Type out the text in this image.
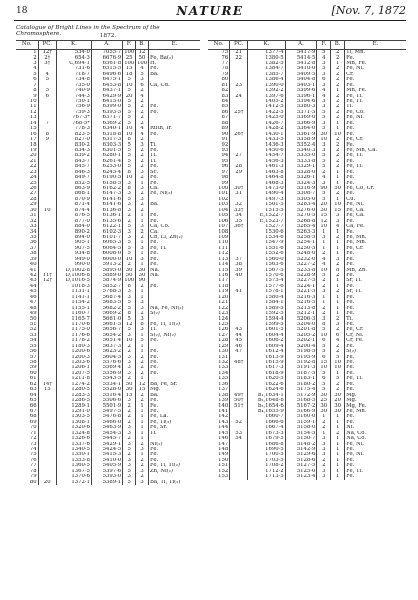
18	NATURE	[Nov. 7, 1872
Catalogue of Bright Lines in the Spectrum of the Chromosphere.	1872.
No.	PC.	K.	A.	F.	B.	E.
1	12†	534·0	7055·7	100	12	
2	2†	654·3	6676·9	25	50	Fe, Ba(₂)
3	3†	C,694·1	6561·8	100	100	H.
4		731·6	6515·5	15	4	Fe.
5	4	718·7	6496·6	18	5	Ba.
6	5	734·8	6475·1	5	3	
7		735·0	6453·8	10	6	Ca, Cd.
8	5	740·9	6437·1	5	2	
9	6	744·3	6429·9	20	4	
10		750·1	6415·0	5	2	
11		756·9	6399·0	5	2	Fe.
12		759·3	6393·5	5	2	Fe.
13		767·3*	6371·7	5	2	
14	7	768·5*	6369·2	5	2	
15		778·3	6340·1	10	4	Ruth, Ir.
16	8	823·5	6318·8	10	4	Fe.
17	9	827·0	6317·3	8	2	
18		830·2	6303·3	5	3	Ti.
19		834·3	6301·5	5	2	Fe.
20		839·2	6280·1	5	2	Ti.
21		843·7	6261·4	5	2	Ti.
22		845·7	6253·0	5	2	Fe.
23		846·3	6245·4	8	3	Sc.
24		849·7	6190·5	10	2	Fe.
25		852·5	6158·5	3	1	Fe.
26		863·9	6162·2	8	3	Ca.
27		868·1	6147·3	3	2	Fe, Ni(₂)
28		870·9	6141·6	5	3	
29		871·4	6141·6	3	2	Ba.
30	10	874·4	6136·8	3	2	
31		876·5	6136·1	2	1	Fe.
32		877·0	6135·6	2	1	Fe.
33		884·0	6122·1	5	3	Ca, Co.
34		890·2	6102·3	3	2	Ca.
35		894·0	6101·7	3	2	Cb, Li, Zn(₂)
36		905·1	6065·3	5	1	Fe.
37		907·5	6064·5	5	3	Fe, Ti.
38		934·8	6008·0	5	1	Fe.
39		949·0	6000·0	10	3	Fe.
40		990·0	5913·2	2	1	Fe.
41		D,1002·8	5895·0	30	30	Na.
42	11†	D,1006·8	5889·0	50	30	Na.
43	12†	D,1016·5	5874·9	100	90	
44		1018·3	5852·7	8	2	Fe.
45		1131·1	5768·3	3	1	
46		1141·1	5687·4	3	1	
47		1154·2	5683·5	5	3	
48		1155·1	5682·2	5	3	Na, Fe, Ni(₂)
49		1160·7	5669·2	8	2	S(₂)
50		1165·7	5661·0	5	3	
51		1170·6	5661·5	12	8	Fe, Ti, Ti(₂)
52		1175·0	5656·7	5	3	Ti.
53		1176·6	5654·2	3	1	S(₂), Ni(₂)
54		1178·2	5651·4	10	5	Fe.
55		1180·3	5637·3	2	1	
56		1200·6	5623·2	2	1	Fe.
57		1200·3	5604·5	3	2	Fe.
58		1203·6	5576·6	3	2	Fe.
59		1206·1	5569·4	3	2	Fe.
60		1207·5	5556·9	3	2	Fe.
61		1211·8	5543·5	2	1	
62	14†	1274·2	5534·1	50	12	Ba, Fe, Sr.
63	15	1280·5	5528·0	30	15	Mg.
64		1283·3	5516·4	15	2	Ba.
65		1286·5	5506·6	3	2	Fe.
66		1289·1	5501·9	2	1	Fe.
67		1291·0	5497·5	2	1	Fe.
68		1303·5	5476·8	2	1	Fe, La.
69		1308·1	5466·0	2	1	Fe, Ti(₂)
70		1320·6	5463·9	3	1	Fe, Sr.
71		1324·8	5454·3	3	1	Ti.
72		1326·6	5445·7	2	1	
73		1337·6	5429·1	3	2	Ni(₂)
74		1340·5	5424·5	5	3	Fe.
75		1350·1	5415·3	2	1	Fe.
76		1353·8	5410·0	3	2	Fe.
77		1360·5	5405·9	3	2	Fe, Ti, Ti(₂)
78		1367·5	5397·6	5	3	Zn, Ni(₂)
79		1370·6	5393·0	3	2	
80	20	1372·1	5389·1	5	3	Ba, Ti, Ti(₂)
No.	PC.	K.	A.	F.	B.	E.
75	21	1377·4	5417·9	5	2	Ti, Mn.
76	22	1380·5	5414·5	4	2	Fe.
77		1382·5	5412·8	3	1	Mn, Fe.
78		1384·7	5410·0	5	2	Fe, Ni.
79		1385·7	5409·5	3	2	Cr.
80		1386·4	5404·8	6	2	Fe.
81	23	1390·0	5403·1	3	2	Fe.
82		1392·2	5399·6	4	1	Mn, Fe.
83	24	1397·6	5396·1	4	2	Fe, Ti.
84		1405·2	5394·6	3	2	Fe, Ti.
85		1412·5	5380·3	3	2	Ti.
86	25†	1422·5	5371·5	5	2	Fe, Co.
87		1425·0	5369·0	5	2	Fe, Ni.
88		1426·7	5366·9	3	1	Fe.
89		1428·2	5364·0	5	1	Fe.
90	26†	1430·1	5361·9	30	10	Fe.
91		1433·5	5358·9	10	2	Fe, Cr.
92		1436·3	5352·4	3	2	Fe.
93		1450·6	5340·3	3	2	Fe, Mn, Ca.
94	27	1454·7	5335·0	5	2	Fe, Ti.
95		1456·3	5333·8	5	2	Fe.
96	28	1461·3	5329·1	5	2	Fe, Ti.
97	29	1463·8	5328·0	2	1	Fe.
98		1464·8	5326·1	4	1	Fe.
99		1468·3	5324·3	3	1	Fe.
100	30†	1473·0	5316·9	90	50	Fe, Co, Cr.
101	31	1490·4	5308·7	5	2	Fe.
102		1497·3	5305·0	5	1	Cu.
103	32	1501·5	5283·4	20	10	Fe, Ni.
104	33†	1515·5	5276·0	30	15	Fe, Ca.
105	34	E,1522·7	5270·5	15	3	Fe, Ca.
106	35	E,1523·7	5268·8	12	3	Fe.
107	36†	1527·7	5265·4	10	4	Ca, Fe.
108		1530·6	5263·3	1	1	Fe.
109		1534·6	5258·5	3	2	Fe, Mn.
110		1547·9	5254·1	1	1	Fe, Mn.
111		1551·6	5250·5	1	1	Fe, Cr.
112		1552·6	5248·0	2	1	Fe.
113	37	1560·0	5232·0	4	3	Fe.
114	38	1563·6	5227·2	4	2	Fe.
115	39	1567·5	5233·8	10	8	Mn, Zn.
116	40	1570·6	5228·9	5	2	Fe.
117		1575·4	5227·5	2	1	Sr, Ti.
118		1577·6	5224·1	2	1	Fe.
119	41	1578·1	5221·5	3	2	Sr, Ti.
120		1580·4	5216·3	1	1	Fe.
121		1584·1	5216·5	1	1	Fe.
122		1589·5	5213·8	2	1	Fe.
123		1592·5	5212·1	2	1	Fe.
124		1594·4	5206·3	3	2	Ti.
125		1599·5	5204·0	8	3	Fe.
126	43	1601·5	5201·8	5	2	Fe, Cr.
127	44	1604·4	5205·2	10	6	Cr, Ni.
128	45	1606·2	5202·1	6	4	Cr, Fe.
129	46	1609·4	5200·4	5	2	Fe.
130	47	1612·4	5198·5	5	2	S(₂)
131		1613·9	5195·9	6	5	Fe.
132	48†	1615·9	5192·8	15	10	Fe.
133		1617·3	5191·3	10	10	Fe.
134		1618·9	5187·5	5	1	Fe.
135		1620·5	5183·1	6	5	Fe, Ti.
136		1622·6	5180·2	5	2	Fe.
137		1624·6	5175·4	5	2	Fe.
138	49†	b₁,1634·1	5172·9	30	30	Mg.
139	50†	b₂,1648·8	5168·5	25	20	Mg.
140	51†	b₃,1654·6	5167·2	30	30	Mg, Fe.
141		b₄,1655·9	5166·9	30	30	Fe, Mn.
142		1660·7	5160·0	1	1	Fe.
143	52	1666·6	5159·1	2	1	Fe.
144		1667·4	5158·0	2	1	Ni.
145	53	1673·3	5154·5	1	2	Na, Co.
146	54	1679·5	5150·7	3	1	Na, Co.
147		1686·8	5148·2	3	1	Fe, Ni.
148		1690·5	5142·9	3	1	Fe.
149		1700·5	5129·6	3	1	Fe, Ni.
150		1703·5	5128·6	2	1	Fe.
151		1708·2	5127·5	2	1	Fe.
152		1712·2	5125·0	3	1	Fe, Ti.
153		1713·5	5123·4	3	1	Fe.
